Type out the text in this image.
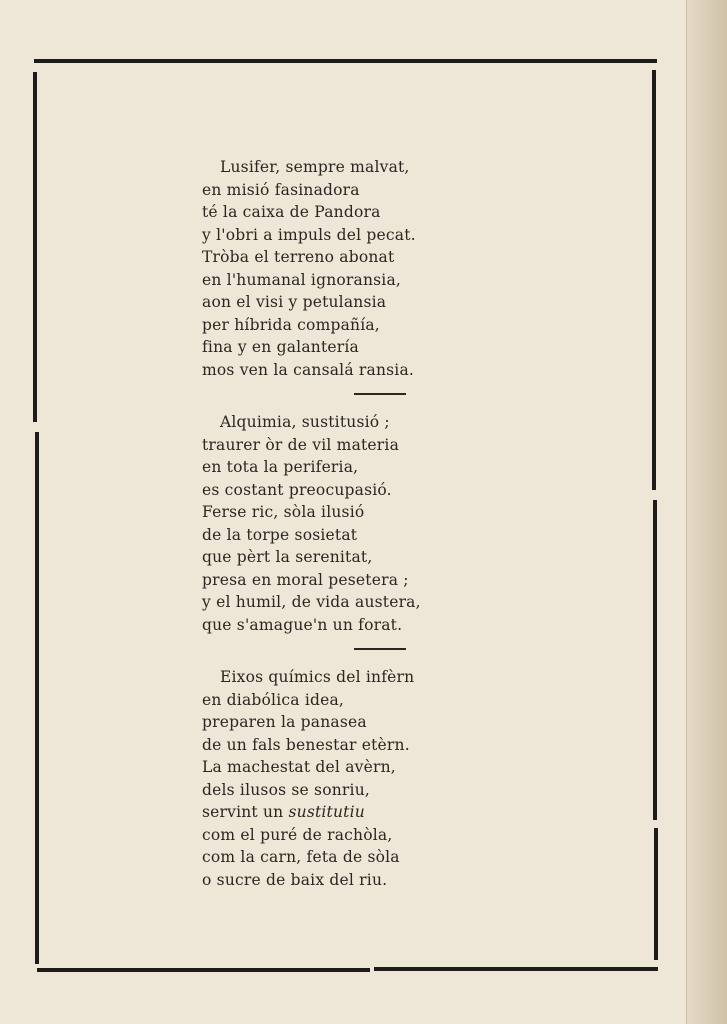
Lusifer, sempre malvat,
en misió fasinadora
té la caixa de Pandora
y l'obri a impuls del pecat.
Tròba el terreno abonat
en l'humanal ignoransia,
aon el visi y petulansia
per híbrida compañía,
fina y en galantería
mos ven la cansalá ransia.
Alquimia, sustitusió ;
traurer òr de vil materia
en tota la periferia,
es costant preocupasió.
Ferse ric, sòla ilusió
de la torpe sosietat
que pèrt la serenitat,
presa en moral pesetera ;
y el humil, de vida austera,
que s'amague'n un forat.
Eixos químics del infèrn
en diabólica idea,
preparen la panasea
de un fals benestar etèrn.
La machestat del avèrn,
dels ilusos se sonriu,
servint un sustitutiu
com el puré de rachòla,
com la carn, feta de sòla
o sucre de baix del riu.
